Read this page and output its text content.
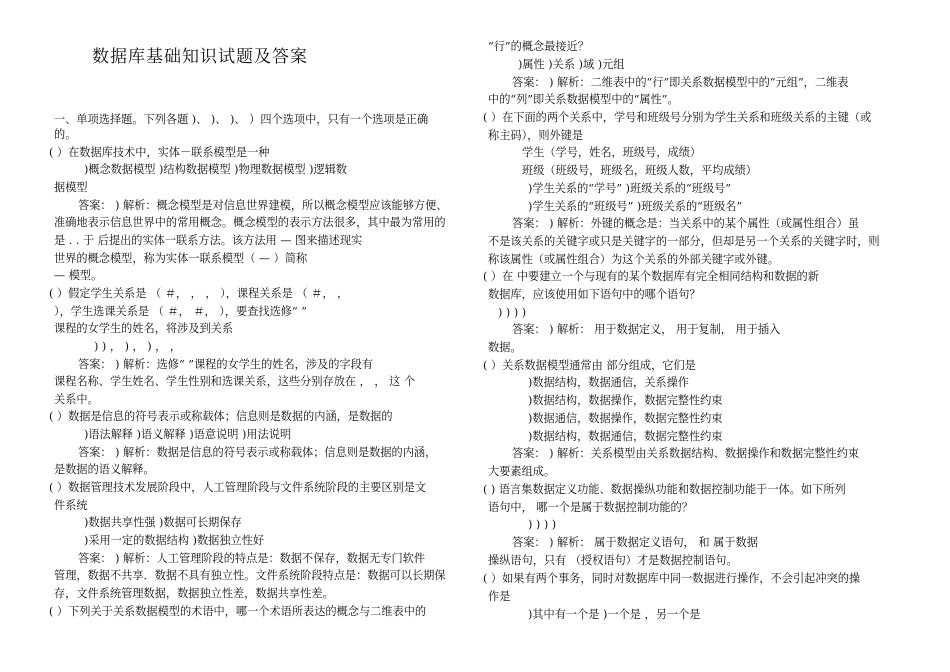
数据库基础知识试题及答案
一、单项选择题。下列各题 )、 )、 )、 ）四个选项中，只有一个选项是正确
的。
( ）在数据库技术中，实体－联系模型是一种
)概念数据模型 )结构数据模型 )物理数据模型 )逻辑数
据模型
答案： ) 解析：概念模型是对信息世界建模，所以概念模型应该能够方便、
准确地表示信息世界中的常用概念。概念模型的表示方法很多，其中最为常用的
是 . . 于 后提出的实体一联系方法。该方法用 — 图来描述现实
世界的概念模型，称为实体一联系模型（ — ）简称
— 模型。
( ）假定学生关系是 （ ＃， ， ， ），课程关系是 （ ＃， ，
），学生选课关系是 （ ＃， ＃， ），要查找选修“ ”
课程的女学生的姓名，将涉及到关系
) ) ， ) ， ) ， ，
答案： ) 解析：选修“ ”课程的女学生的姓名，涉及的字段有
课程名称、学生姓名、学生性别和选课关系，这些分别存放在 ， ， 这 个
关系中。
( ）数据是信息的符号表示或称载体；信息则是数据的内涵，是数据的
)语法解释 )语义解释 )语意说明 )用法说明
答案： ) 解析：数据是信息的符号表示或称载体；信息则是数据的内涵，
是数据的语义解释。
( ）数据管理技术发展阶段中，人工管理阶段与文件系统阶段的主要区别是文
件系统
)数据共享性强 )数据可长期保存
)采用一定的数据结构 )数据独立性好
答案： ) 解析：人工管理阶段的特点是：数据不保存，数据无专门软件
管理，数据不共享．数据不具有独立性。文件系统阶段特点是：数据可以长期保
存，文件系统管理数据，数据独立性差，数据共享性差。
( ）下列关于关系数据模型的术语中，哪一个术语所表达的概念与二维表中的
“行”的概念最接近？
)属性 )关系 )域 )元组
答案： ) 解析：二维表中的“行”即关系数据模型中的“元组”，二维表
中的“列”即关系数据模型中的“属性”。
( ）在下面的两个关系中，学号和班级号分别为学生关系和班级关系的主键（或
称主码），则外键是
学生（学号，姓名，班级号，成绩）
班级（班级号，班级名，班级人数，平均成绩）
)学生关系的“学号” )班级关系的“班级号”
)学生关系的“班级号” )班级关系的“班级名”
答案： ) 解析：外键的概念是：当关系中的某个属性（或属性组合）虽
不是该关系的关键字或只是关键字的一部分，但却是另一个关系的关键字时，则
称该属性（或属性组合）为这个关系的外部关键字或外键。
( ）在 中要建立一个与现有的某个数据库有完全相同结构和数据的新
数据库，应该使用如下语句中的哪个语句？
) ) ) )
答案： ) 解析： 用于数据定义， 用于复制， 用于插入
数据。
( ）关系数据模型通常由 部分组成，它们是
)数据结构，数据通信，关系操作
)数据结构，数据操作，数据完整性约束
)数据通信，数据操作，数据完整性约束
)数据结构，数据通信，数据完整性约束
答案： ) 解析：关系模型由关系数据结构、数据操作和数据完整性约束
大要素组成。
( ) 语言集数据定义功能、数据操纵功能和数据控制功能于一体。如下所列
语句中， 哪一个是属于数据控制功能的？
) ) ) )
答案： ) 解析： 属于数据定义语句， 和 属于数据
操纵语句，只有 （授权语句）才是数据控制语句。
( ）如果有两个事务，同时对数据库中同一数据进行操作，不会引起冲突的操
作是
)其中有一个是 )一个是 ，另一个是
